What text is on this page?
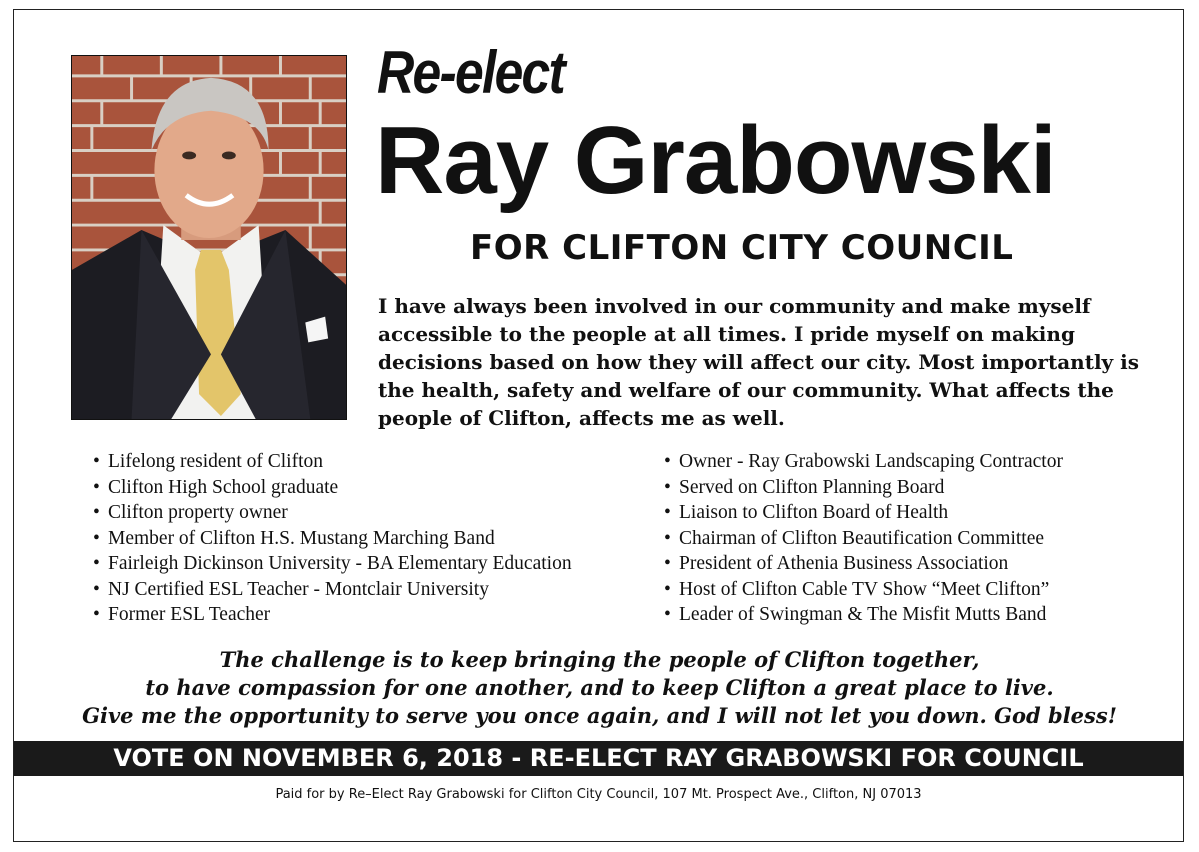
Re-elect
Ray Grabowski
FOR CLIFTON CITY COUNCIL
I have always been involved in our community and make myself accessible to the people at all times. I pride myself on making decisions based on how they will affect our city. Most importantly is the health, safety and welfare of our community. What affects the people of Clifton, affects me as well.
• Lifelong resident of Clifton
• Clifton High School graduate
• Clifton property owner
• Member of Clifton H.S. Mustang Marching Band
• Fairleigh Dickinson University - BA Elementary Education
• NJ Certified ESL Teacher - Montclair University
• Former ESL Teacher
• Owner - Ray Grabowski Landscaping Contractor
• Served on Clifton Planning Board
• Liaison to Clifton Board of Health
• Chairman of Clifton Beautification Committee
• President of Athenia Business Association
• Host of Clifton Cable TV Show “Meet Clifton”
• Leader of Swingman & The Misfit Mutts Band
The challenge is to keep bringing the people of Clifton together,
to have compassion for one another, and to keep Clifton a great place to live.
Give me the opportunity to serve you once again, and I will not let you down. God bless!
VOTE ON NOVEMBER 6, 2018 - RE-ELECT RAY GRABOWSKI FOR COUNCIL
Paid for by Re–Elect Ray Grabowski for Clifton City Council, 107 Mt. Prospect Ave., Clifton, NJ 07013
